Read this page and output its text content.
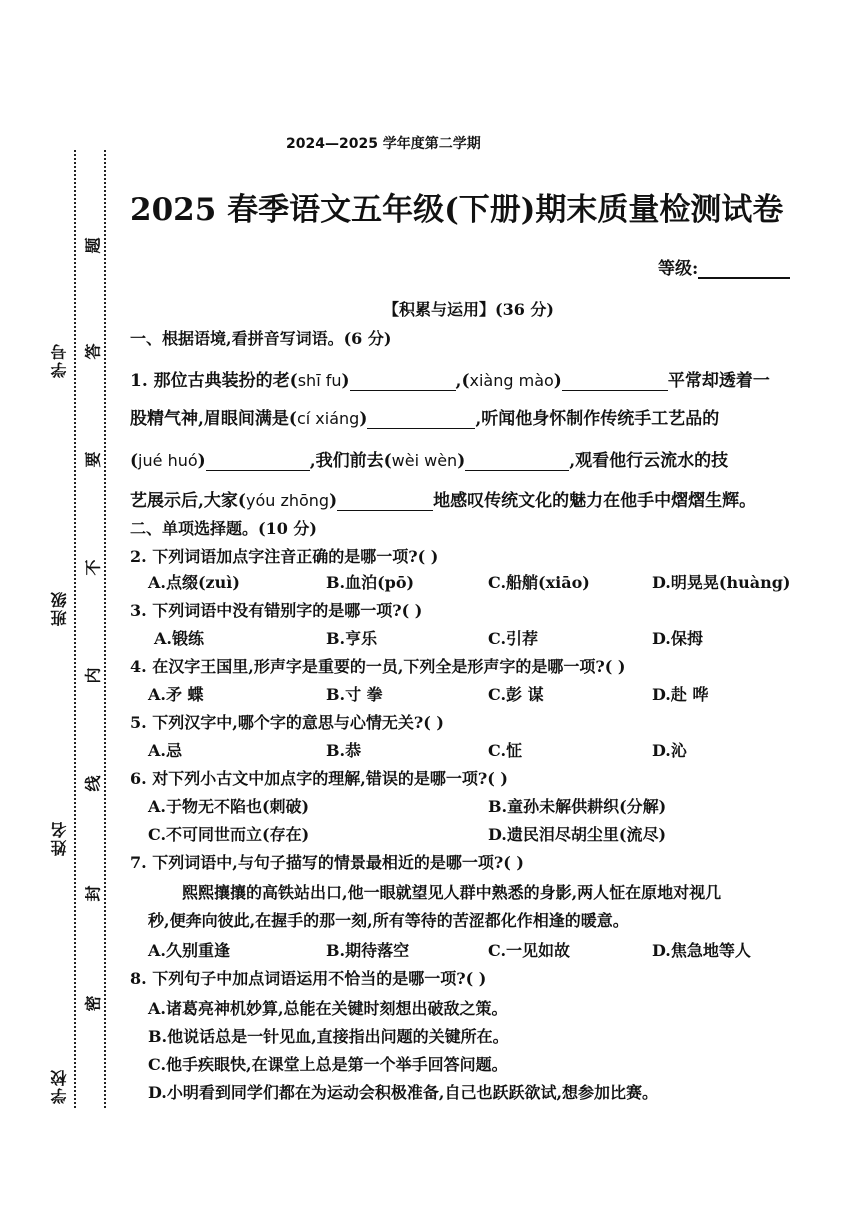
学号
班级
姓名
学校
题
答
要
不
内
线
封
密
2024—2025 学年度第二学期
2025 春季语文五年级(下册)期末质量检测试卷
等级:
【积累与运用】(36 分)
一、根据语境,看拼音写词语。(6 分)
1. 那位古典装扮的老(shī fu)	,(xiàng mào)	平常却透着一
股精气神,眉眼间满是(cí xiáng)	,听闻他身怀制作传统手工艺品的
(jué huó)	,我们前去(wèi wèn)	,观看他行云流水的技
艺展示后,大家(yóu zhōng)	地感叹传统文化的魅力在他手中熠熠生辉。
二、单项选择题。(10 分)
2. 下列词语加点字注音正确的是哪一项?( )
A.点缀(zuì)	B.血泊(pō)	C.船艄(xiāo)	D.明晃晃(huàng)
3. 下列词语中没有错别字的是哪一项?( )
A.锻练	B.亨乐	C.引荐	D.保拇
4. 在汉字王国里,形声字是重要的一员,下列全是形声字的是哪一项?( )
A.矛 蝶	B.寸 拳	C.彭 谋	D.赴 哗
5. 下列汉字中,哪个字的意思与心情无关?( )
A.忌	B.恭	C.怔	D.沁
6. 对下列小古文中加点字的理解,错误的是哪一项?( )
A.于物无不陷也(刺破)	B.童孙未解供耕织(分解)
C.不可同世而立(存在)	D.遗民泪尽胡尘里(流尽)
7. 下列词语中,与句子描写的情景最相近的是哪一项?( )
熙熙攘攘的高铁站出口,他一眼就望见人群中熟悉的身影,两人怔在原地对视几
秒,便奔向彼此,在握手的那一刻,所有等待的苦涩都化作相逢的暖意。
A.久别重逢	B.期待落空	C.一见如故	D.焦急地等人
8. 下列句子中加点词语运用不恰当的是哪一项?( )
A.诸葛亮神机妙算,总能在关键时刻想出破敌之策。
B.他说话总是一针见血,直接指出问题的关键所在。
C.他手疾眼快,在课堂上总是第一个举手回答问题。
D.小明看到同学们都在为运动会积极准备,自己也跃跃欲试,想参加比赛。
